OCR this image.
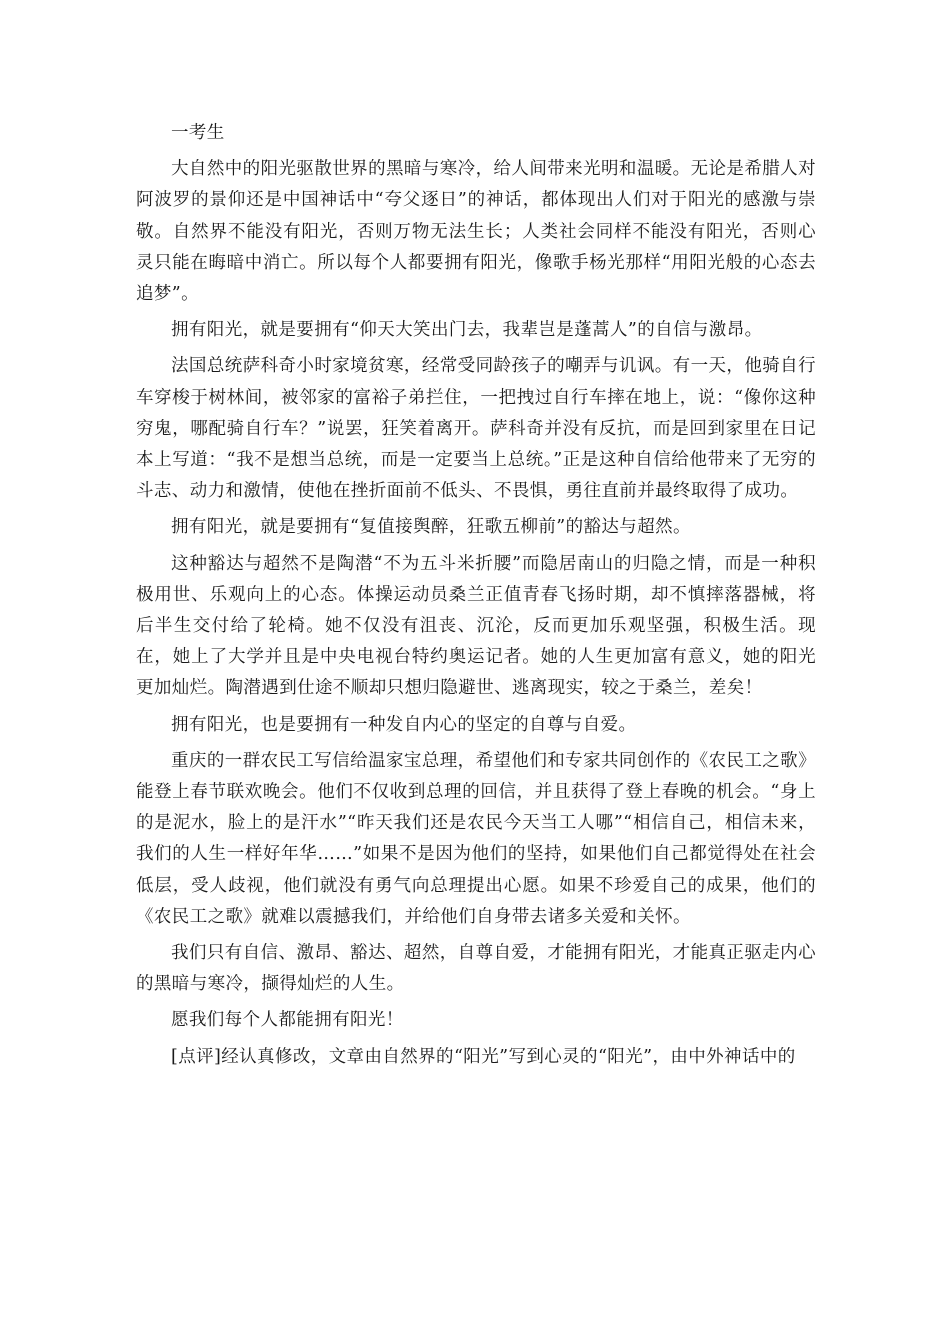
一考生

大自然中的阳光驱散世界的黑暗与寒冷，给人间带来光明和温暖。无论是希腊人对阿波罗的景仰还是中国神话中“夸父逐日”的神话，都体现出人们对于阳光的感激与崇敬。自然界不能没有阳光，否则万物无法生长；人类社会同样不能没有阳光，否则心灵只能在晦暗中消亡。所以每个人都要拥有阳光，像歌手杨光那样“用阳光般的心态去追梦”。

拥有阳光，就是要拥有“仰天大笑出门去，我辈岂是蓬蒿人”的自信与激昂。

法国总统萨科奇小时家境贫寒，经常受同龄孩子的嘲弄与讥讽。有一天，他骑自行车穿梭于树林间，被邻家的富裕子弟拦住，一把拽过自行车摔在地上，说：“像你这种穷鬼，哪配骑自行车？”说罢，狂笑着离开。萨科奇并没有反抗，而是回到家里在日记本上写道：“我不是想当总统，而是一定要当上总统。”正是这种自信给他带来了无穷的斗志、动力和激情，使他在挫折面前不低头、不畏惧，勇往直前并最终取得了成功。

拥有阳光，就是要拥有“复值接舆醉，狂歌五柳前”的豁达与超然。

这种豁达与超然不是陶潜“不为五斗米折腰”而隐居南山的归隐之情，而是一种积极用世、乐观向上的心态。体操运动员桑兰正值青春飞扬时期，却不慎摔落器械，将后半生交付给了轮椅。她不仅没有沮丧、沉沦，反而更加乐观坚强，积极生活。现在，她上了大学并且是中央电视台特约奥运记者。她的人生更加富有意义，她的阳光更加灿烂。陶潜遇到仕途不顺却只想归隐避世、逃离现实，较之于桑兰，差矣！

拥有阳光，也是要拥有一种发自内心的坚定的自尊与自爱。

重庆的一群农民工写信给温家宝总理，希望他们和专家共同创作的《农民工之歌》能登上春节联欢晚会。他们不仅收到总理的回信，并且获得了登上春晚的机会。“身上的是泥水，脸上的是汗水”“昨天我们还是农民今天当工人哪”“相信自己，相信未来，我们的人生一样好年华……”如果不是因为他们的坚持，如果他们自己都觉得处在社会低层，受人歧视，他们就没有勇气向总理提出心愿。如果不珍爱自己的成果，他们的《农民工之歌》就难以震撼我们，并给他们自身带去诸多关爱和关怀。

我们只有自信、激昂、豁达、超然，自尊自爱，才能拥有阳光，才能真正驱走内心的黑暗与寒冷，撷得灿烂的人生。

愿我们每个人都能拥有阳光！

[点评]经认真修改，文章由自然界的“阳光”写到心灵的“阳光”，由中外神话中的
